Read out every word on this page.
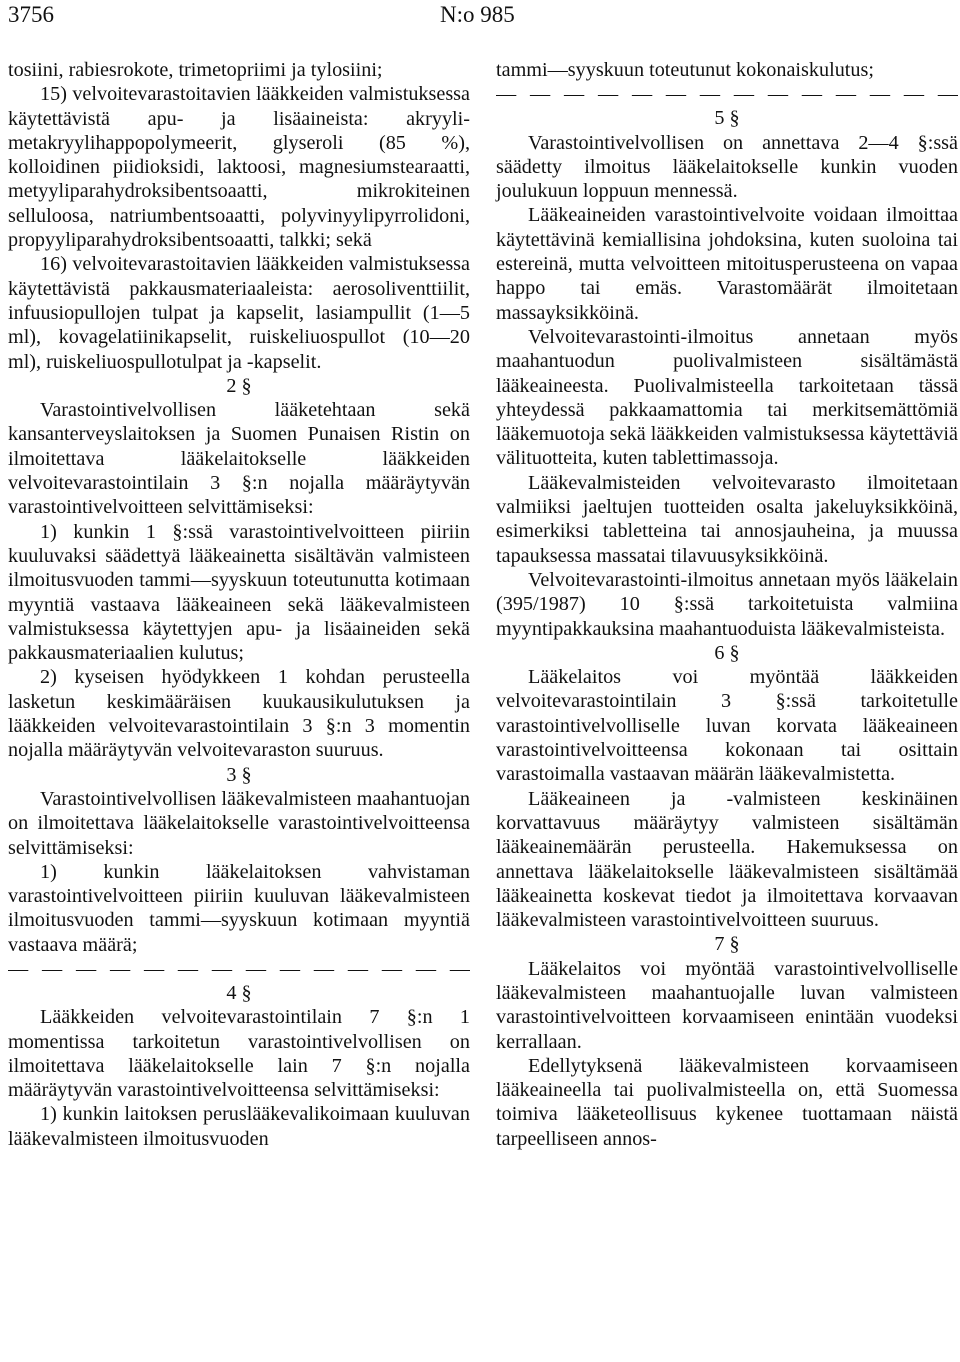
3756	N:o 985

tosiini, rabiesrokote, trimetopriimi ja tylosiini;

15) velvoitevarastoitavien lääkkeiden valmistuksessa käytettävistä apu- ja lisäaineista: akryyli-metakryylihappopolymeerit, glyseroli (85 %), kolloidinen piidioksidi, laktoosi, magnesiumstearaatti, metyyliparahydroksibentsoaatti, mikrokiteinen selluloosa, natriumbentsoaatti, polyvinyylipyrrolidoni, propyyliparahydroksibentsoaatti, talkki; sekä

16) velvoitevarastoitavien lääkkeiden valmistuksessa käytettävistä pakkausmateriaaleista: aerosoliventtiilit, infuusiopullojen tulpat ja kapselit, lasiampullit (1—5 ml), kovagelatiinikapselit, ruiskeliuospullot (10—20 ml), ruiskeliuospullotulpat ja -kapselit.

2 §

Varastointivelvollisen lääketehtaan sekä kansanterveyslaitoksen ja Suomen Punaisen Ristin on ilmoitettava lääkelaitokselle lääkkeiden velvoitevarastointilain 3 §:n nojalla määräytyvän varastointivelvoitteen selvittämiseksi:

1) kunkin 1 §:ssä varastointivelvoitteen piiriin kuuluvaksi säädettyä lääkeainetta sisältävän valmisteen ilmoitusvuoden tammi—syyskuun toteutunutta kotimaan myyntiä vastaava lääkeaineen sekä lääkevalmisteen valmistuksessa käytettyjen apu- ja lisäaineiden sekä pakkausmateriaalien kulutus;

2) kyseisen hyödykkeen 1 kohdan perusteella lasketun keskimääräisen kuukausikulutuksen ja lääkkeiden velvoitevarastointilain 3 §:n 3 momentin nojalla määräytyvän velvoitevaraston suuruus.

3 §

Varastointivelvollisen lääkevalmisteen maahantuojan on ilmoitettava lääkelaitokselle varastointivelvoitteensa selvittämiseksi:

1) kunkin lääkelaitoksen vahvistaman varastointivelvoitteen piiriin kuuluvan lääkevalmisteen ilmoitusvuoden tammi—syyskuun kotimaan myyntiä vastaava määrä;

— — — — — — — — — — — — — —

4 §

Lääkkeiden velvoitevarastointilain 7 §:n 1 momentissa tarkoitetun varastointivelvollisen on ilmoitettava lääkelaitokselle lain 7 §:n nojalla määräytyvän varastointivelvoitteensa selvittämiseksi:

1) kunkin laitoksen peruslääkevalikoimaan kuuluvan lääkevalmisteen ilmoitusvuoden

tammi—syyskuun toteutunut kokonaiskulutus;

— — — — — — — — — — — — — —

5 §

Varastointivelvollisen on annettava 2—4 §:ssä säädetty ilmoitus lääkelaitokselle kunkin vuoden joulukuun loppuun mennessä.

Lääkeaineiden varastointivelvoite voidaan ilmoittaa käytettävinä kemiallisina johdoksina, kuten suoloina tai estereinä, mutta velvoitteen mitoitusperusteena on vapaa happo tai emäs. Varastomäärät ilmoitetaan massayksikköinä.

Velvoitevarastointi-ilmoitus annetaan myös maahantuodun puolivalmisteen sisältämästä lääkeaineesta. Puolivalmisteella tarkoitetaan tässä yhteydessä pakkaamattomia tai merkitsemättömiä lääkemuotoja sekä lääkkeiden valmistuksessa käytettäviä välituotteita, kuten tablettimassoja.

Lääkevalmisteiden velvoitevarasto ilmoitetaan valmiiksi jaeltujen tuotteiden osalta jakeluyksikköinä, esimerkiksi tabletteina tai annosjauheina, ja muussa tapauksessa massatai tilavuusyksikköinä.

Velvoitevarastointi-ilmoitus annetaan myös lääkelain (395/1987) 10 §:ssä tarkoitetuista valmiina myyntipakkauksina maahantuoduista lääkevalmisteista.

6 §

Lääkelaitos voi myöntää lääkkeiden velvoitevarastointilain 3 §:ssä tarkoitetulle varastointivelvolliselle luvan korvata lääkeaineen varastointivelvoitteensa kokonaan tai osittain varastoimalla vastaavan määrän lääkevalmistetta.

Lääkeaineen ja -valmisteen keskinäinen korvattavuus määräytyy valmisteen sisältämän lääkeainemäärän perusteella. Hakemuksessa on annettava lääkelaitokselle lääkevalmisteen sisältämää lääkeainetta koskevat tiedot ja ilmoitettava korvaavan lääkevalmisteen varastointivelvoitteen suuruus.

7 §

Lääkelaitos voi myöntää varastointivelvolliselle lääkevalmisteen maahantuojalle luvan valmisteen varastointivelvoitteen korvaamiseen enintään vuodeksi kerrallaan.

Edellytyksenä lääkevalmisteen korvaamiseen lääkeaineella tai puolivalmisteella on, että Suomessa toimiva lääketeollisuus kykenee tuottamaan näistä tarpeelliseen annos-
